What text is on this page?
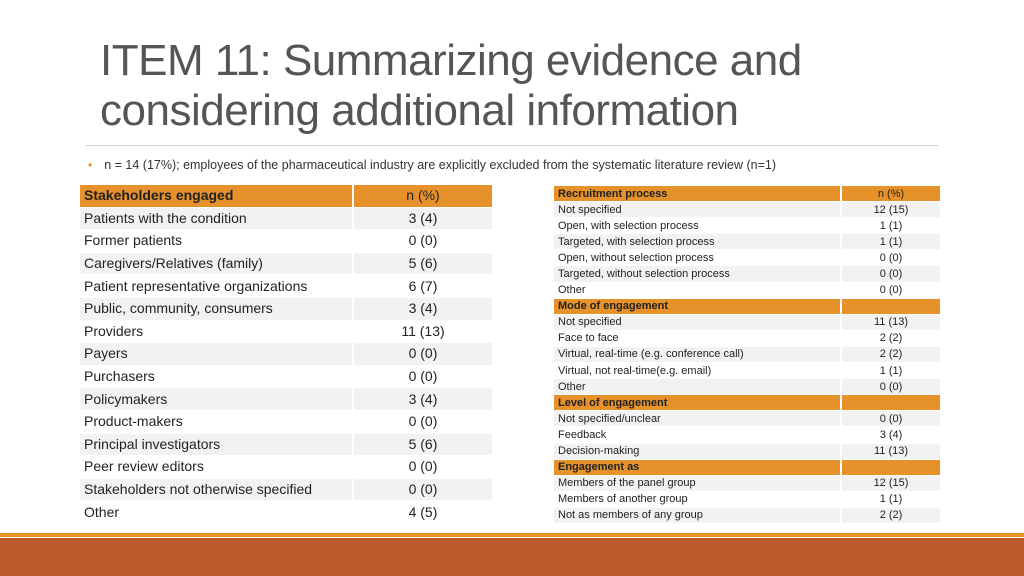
ITEM 11: Summarizing evidence and
considering additional information
• n = 14 (17%); employees of the pharmaceutical industry are explicitly excluded from the systematic literature review (n=1)
Stakeholders engaged	n (%)
Patients with the condition	3 (4)
Former patients	0 (0)
Caregivers/Relatives (family)	5 (6)
Patient representative organizations	6 (7)
Public, community, consumers	3 (4)
Providers	11 (13)
Payers	0 (0)
Purchasers	0 (0)
Policymakers	3 (4)
Product-makers	0 (0)
Principal investigators	5 (6)
Peer review editors	0 (0)
Stakeholders not otherwise specified	0 (0)
Other	4 (5)
Recruitment process	n (%)
Not specified	12 (15)
Open, with selection process	1 (1)
Targeted, with selection process	1 (1)
Open, without selection process	0 (0)
Targeted, without selection process	0 (0)
Other	0 (0)
Mode of engagement	
Not specified	11 (13)
Face to face	2 (2)
Virtual, real-time (e.g. conference call)	2 (2)
Virtual, not real-time(e.g. email)	1 (1)
Other	0 (0)
Level of engagement	
Not specified/unclear	0 (0)
Feedback	3 (4)
Decision-making	11 (13)
Engagement as	
Members of the panel group	12 (15)
Members of another group	1 (1)
Not as members of any group	2 (2)
